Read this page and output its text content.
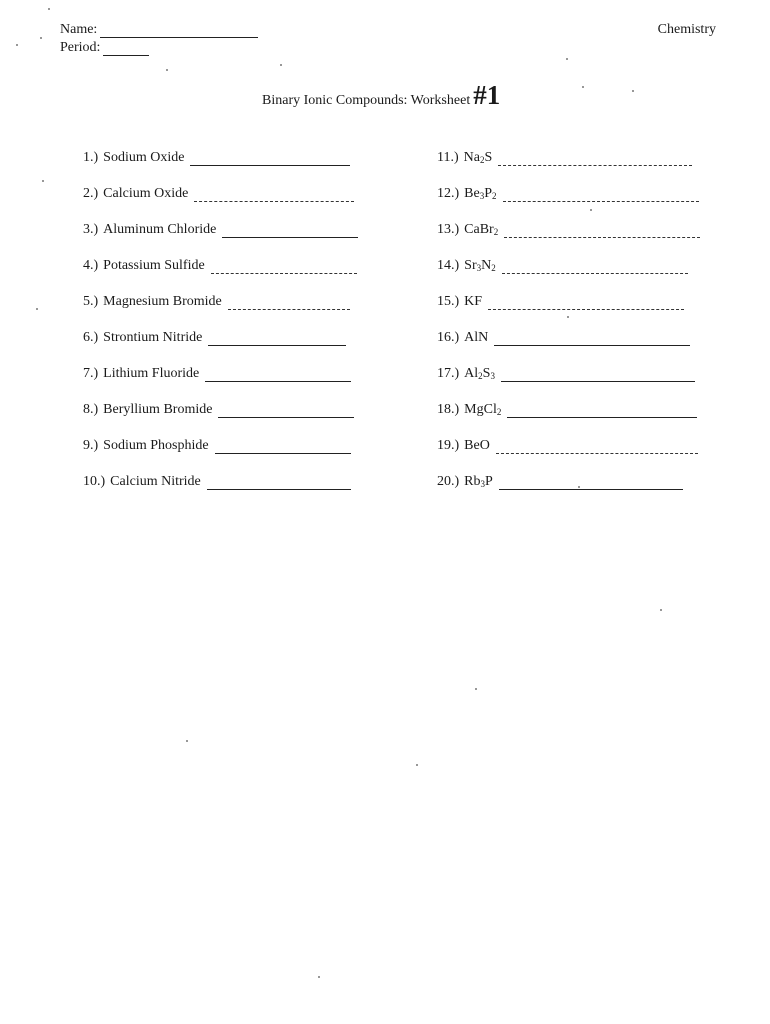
Name:
Period:
Chemistry
Binary Ionic Compounds: Worksheet #1
1.) Sodium Oxide
2.) Calcium Oxide
3.) Aluminum Chloride
4.) Potassium Sulfide
5.) Magnesium Bromide
6.) Strontium Nitride
7.) Lithium Fluoride
8.) Beryllium Bromide
9.) Sodium Phosphide
10.) Calcium Nitride
11.) $Na_2S$
12.) $Be_3P_2$
13.) CaBr$_2$
14.) $Sr_3N_2$
15.) KF
16.) AlN
17.) $Al_2S_3$
18.) MgCl$_2$
19.) BeO
20.) $Rb_3P$
